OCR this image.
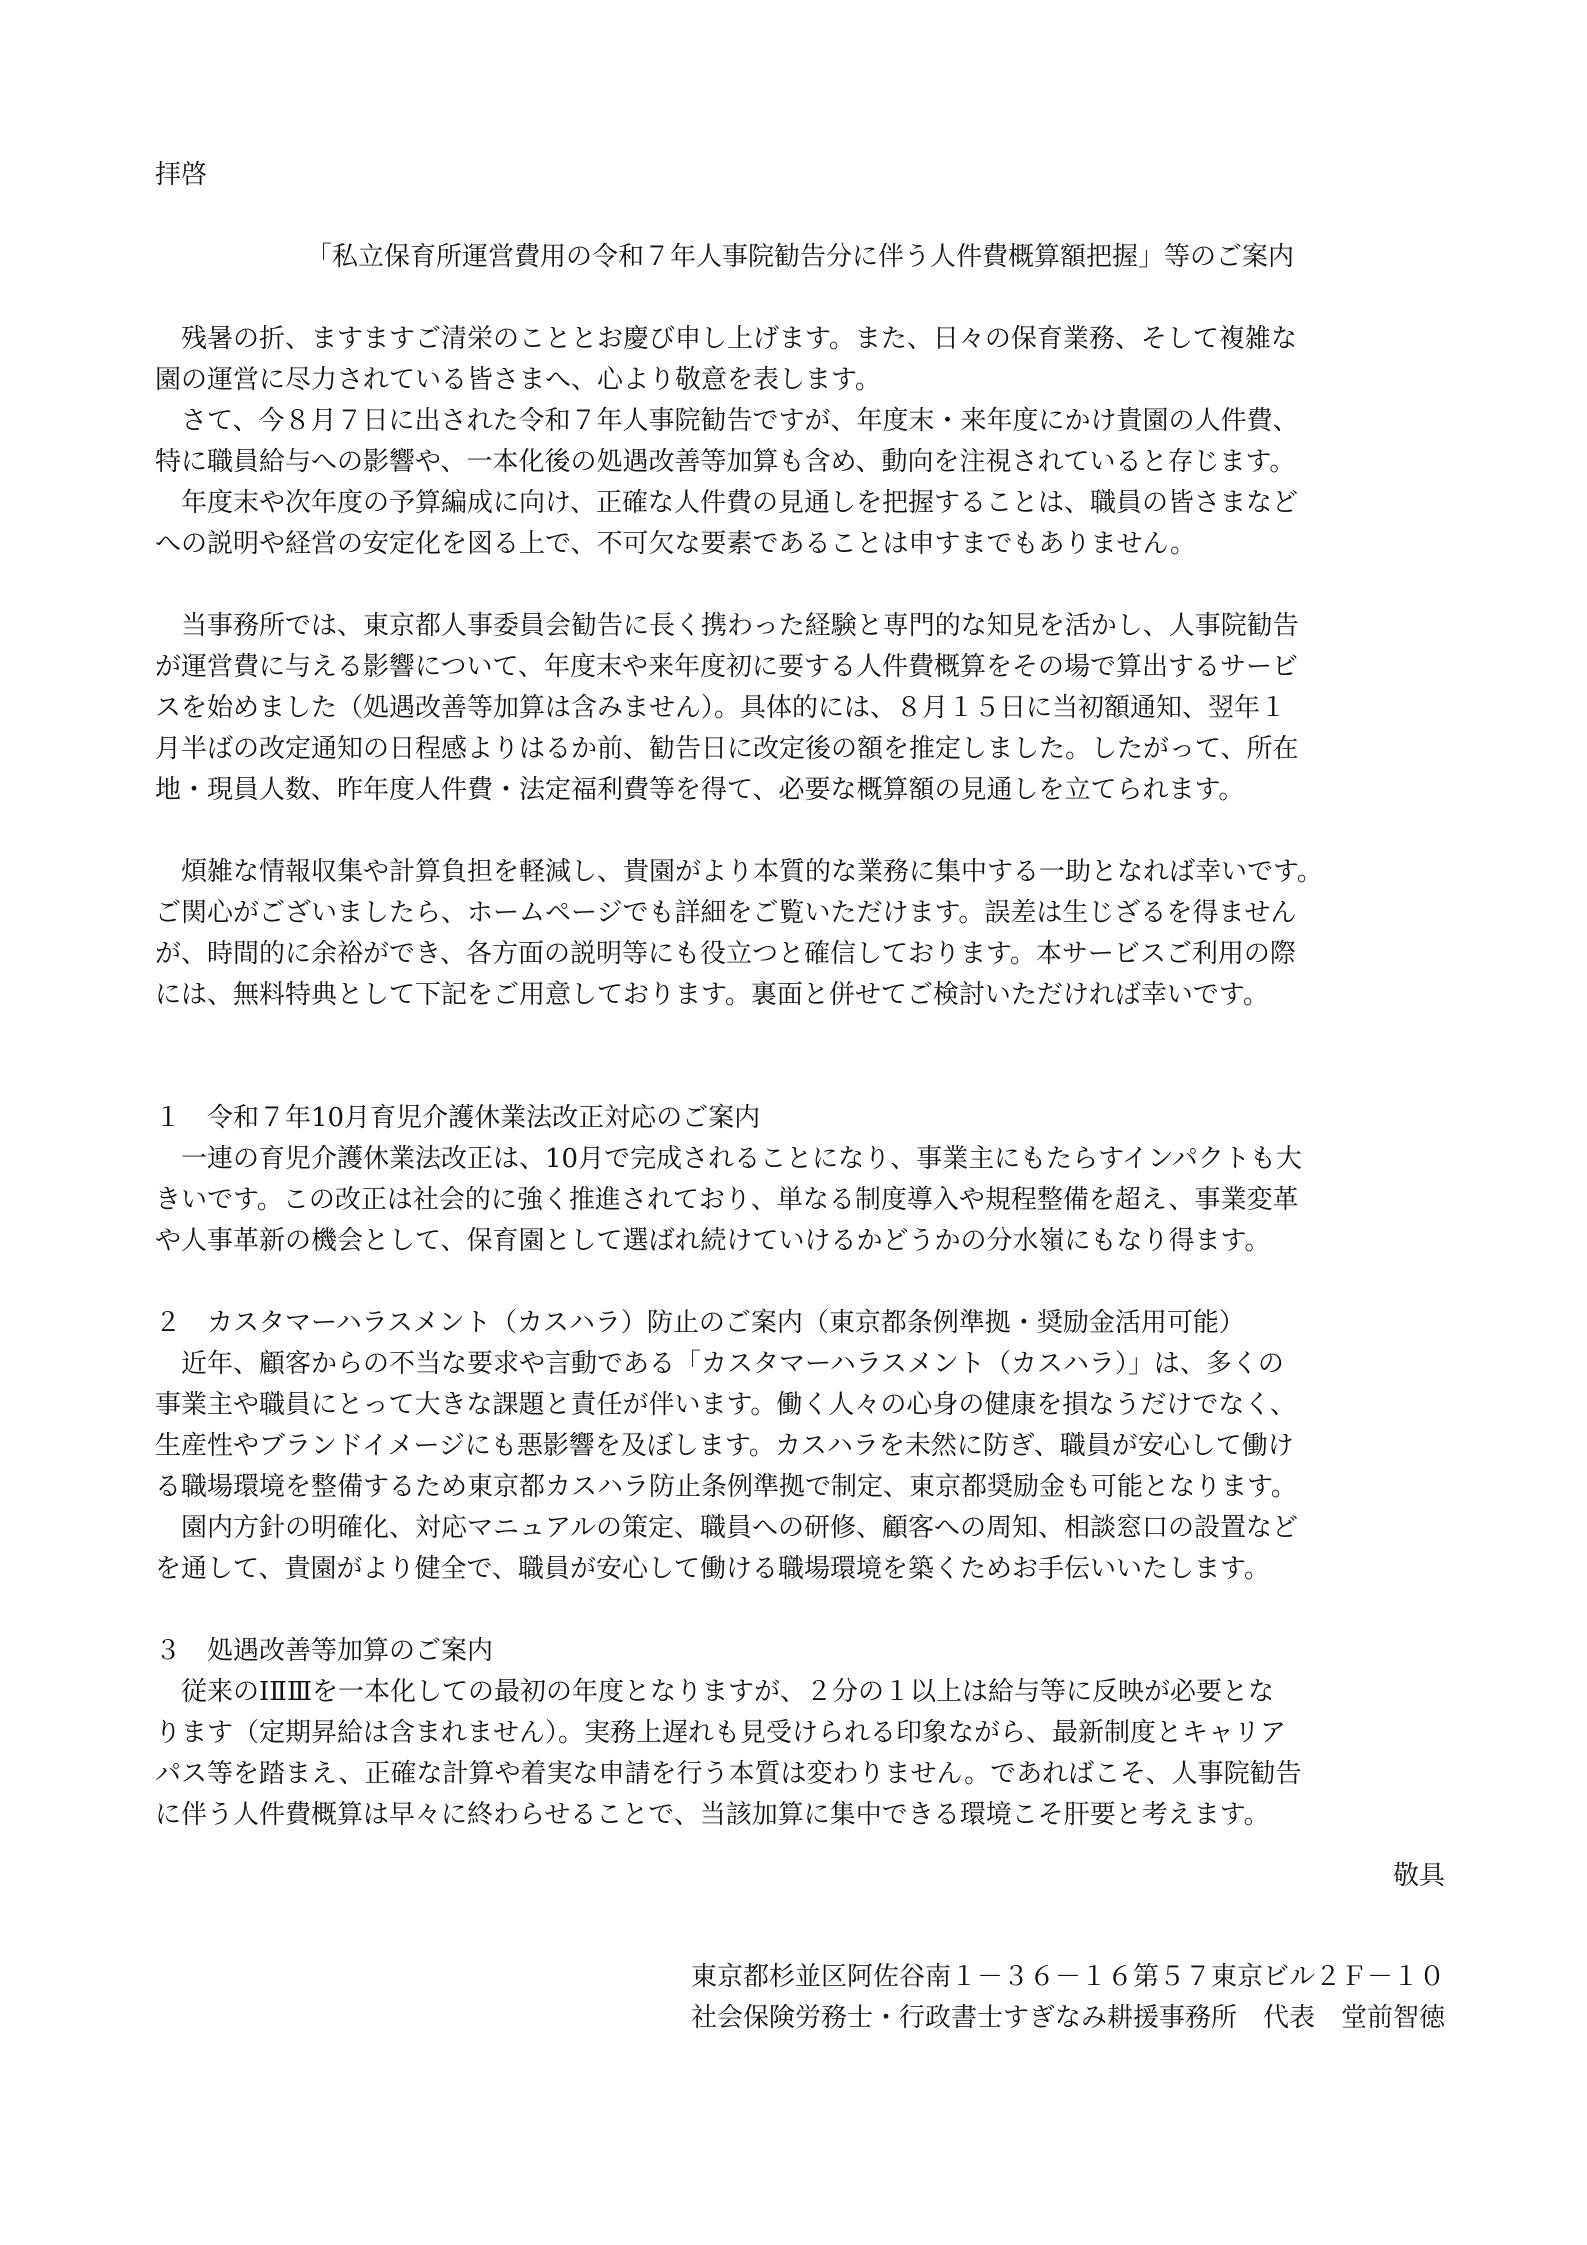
拝啓
「私立保育所運営費用の令和７年人事院勧告分に伴う人件費概算額把握」等のご案内
　残暑の折、ますますご清栄のこととお慶び申し上げます。また、日々の保育業務、そして複雑な
園の運営に尽力されている皆さまへ、心より敬意を表します。
　さて、今８月７日に出された令和７年人事院勧告ですが、年度末・来年度にかけ貴園の人件費、
特に職員給与への影響や、一本化後の処遇改善等加算も含め、動向を注視されていると存じます。
　年度末や次年度の予算編成に向け、正確な人件費の見通しを把握することは、職員の皆さまなど
への説明や経営の安定化を図る上で、不可欠な要素であることは申すまでもありません。
　当事務所では、東京都人事委員会勧告に長く携わった経験と専門的な知見を活かし、人事院勧告
が運営費に与える影響について、年度末や来年度初に要する人件費概算をその場で算出するサービ
スを始めました（処遇改善等加算は含みません）。具体的には、８月１５日に当初額通知、翌年１
月半ばの改定通知の日程感よりはるか前、勧告日に改定後の額を推定しました。したがって、所在
地・現員人数、昨年度人件費・法定福利費等を得て、必要な概算額の見通しを立てられます。
　煩雑な情報収集や計算負担を軽減し、貴園がより本質的な業務に集中する一助となれば幸いです。
ご関心がございましたら、ホームページでも詳細をご覧いただけます。誤差は生じざるを得ません
が、時間的に余裕ができ、各方面の説明等にも役立つと確信しております。本サービスご利用の際
には、無料特典として下記をご用意しております。裏面と併せてご検討いただければ幸いです。
１　令和７年10月育児介護休業法改正対応のご案内
　一連の育児介護休業法改正は、10月で完成されることになり、事業主にもたらすインパクトも大
きいです。この改正は社会的に強く推進されており、単なる制度導入や規程整備を超え、事業変革
や人事革新の機会として、保育園として選ばれ続けていけるかどうかの分水嶺にもなり得ます。
２　カスタマーハラスメント（カスハラ）防止のご案内（東京都条例準拠・奨励金活用可能）
　近年、顧客からの不当な要求や言動である「カスタマーハラスメント（カスハラ）」は、多くの
事業主や職員にとって大きな課題と責任が伴います。働く人々の心身の健康を損なうだけでなく、
生産性やブランドイメージにも悪影響を及ぼします。カスハラを未然に防ぎ、職員が安心して働け
る職場環境を整備するため東京都カスハラ防止条例準拠で制定、東京都奨励金も可能となります。
　園内方針の明確化、対応マニュアルの策定、職員への研修、顧客への周知、相談窓口の設置など
を通して、貴園がより健全で、職員が安心して働ける職場環境を築くためお手伝いいたします。
３　処遇改善等加算のご案内
　従来のⅠⅡⅢを一本化しての最初の年度となりますが、２分の１以上は給与等に反映が必要とな
ります（定期昇給は含まれません）。実務上遅れも見受けられる印象ながら、最新制度とキャリア
パス等を踏まえ、正確な計算や着実な申請を行う本質は変わりません。であればこそ、人事院勧告
に伴う人件費概算は早々に終わらせることで、当該加算に集中できる環境こそ肝要と考えます。
敬具
東京都杉並区阿佐谷南１－３６－１６第５７東京ビル２Ｆ－１０
社会保険労務士・行政書士すぎなみ耕援事務所　代表　堂前智徳
